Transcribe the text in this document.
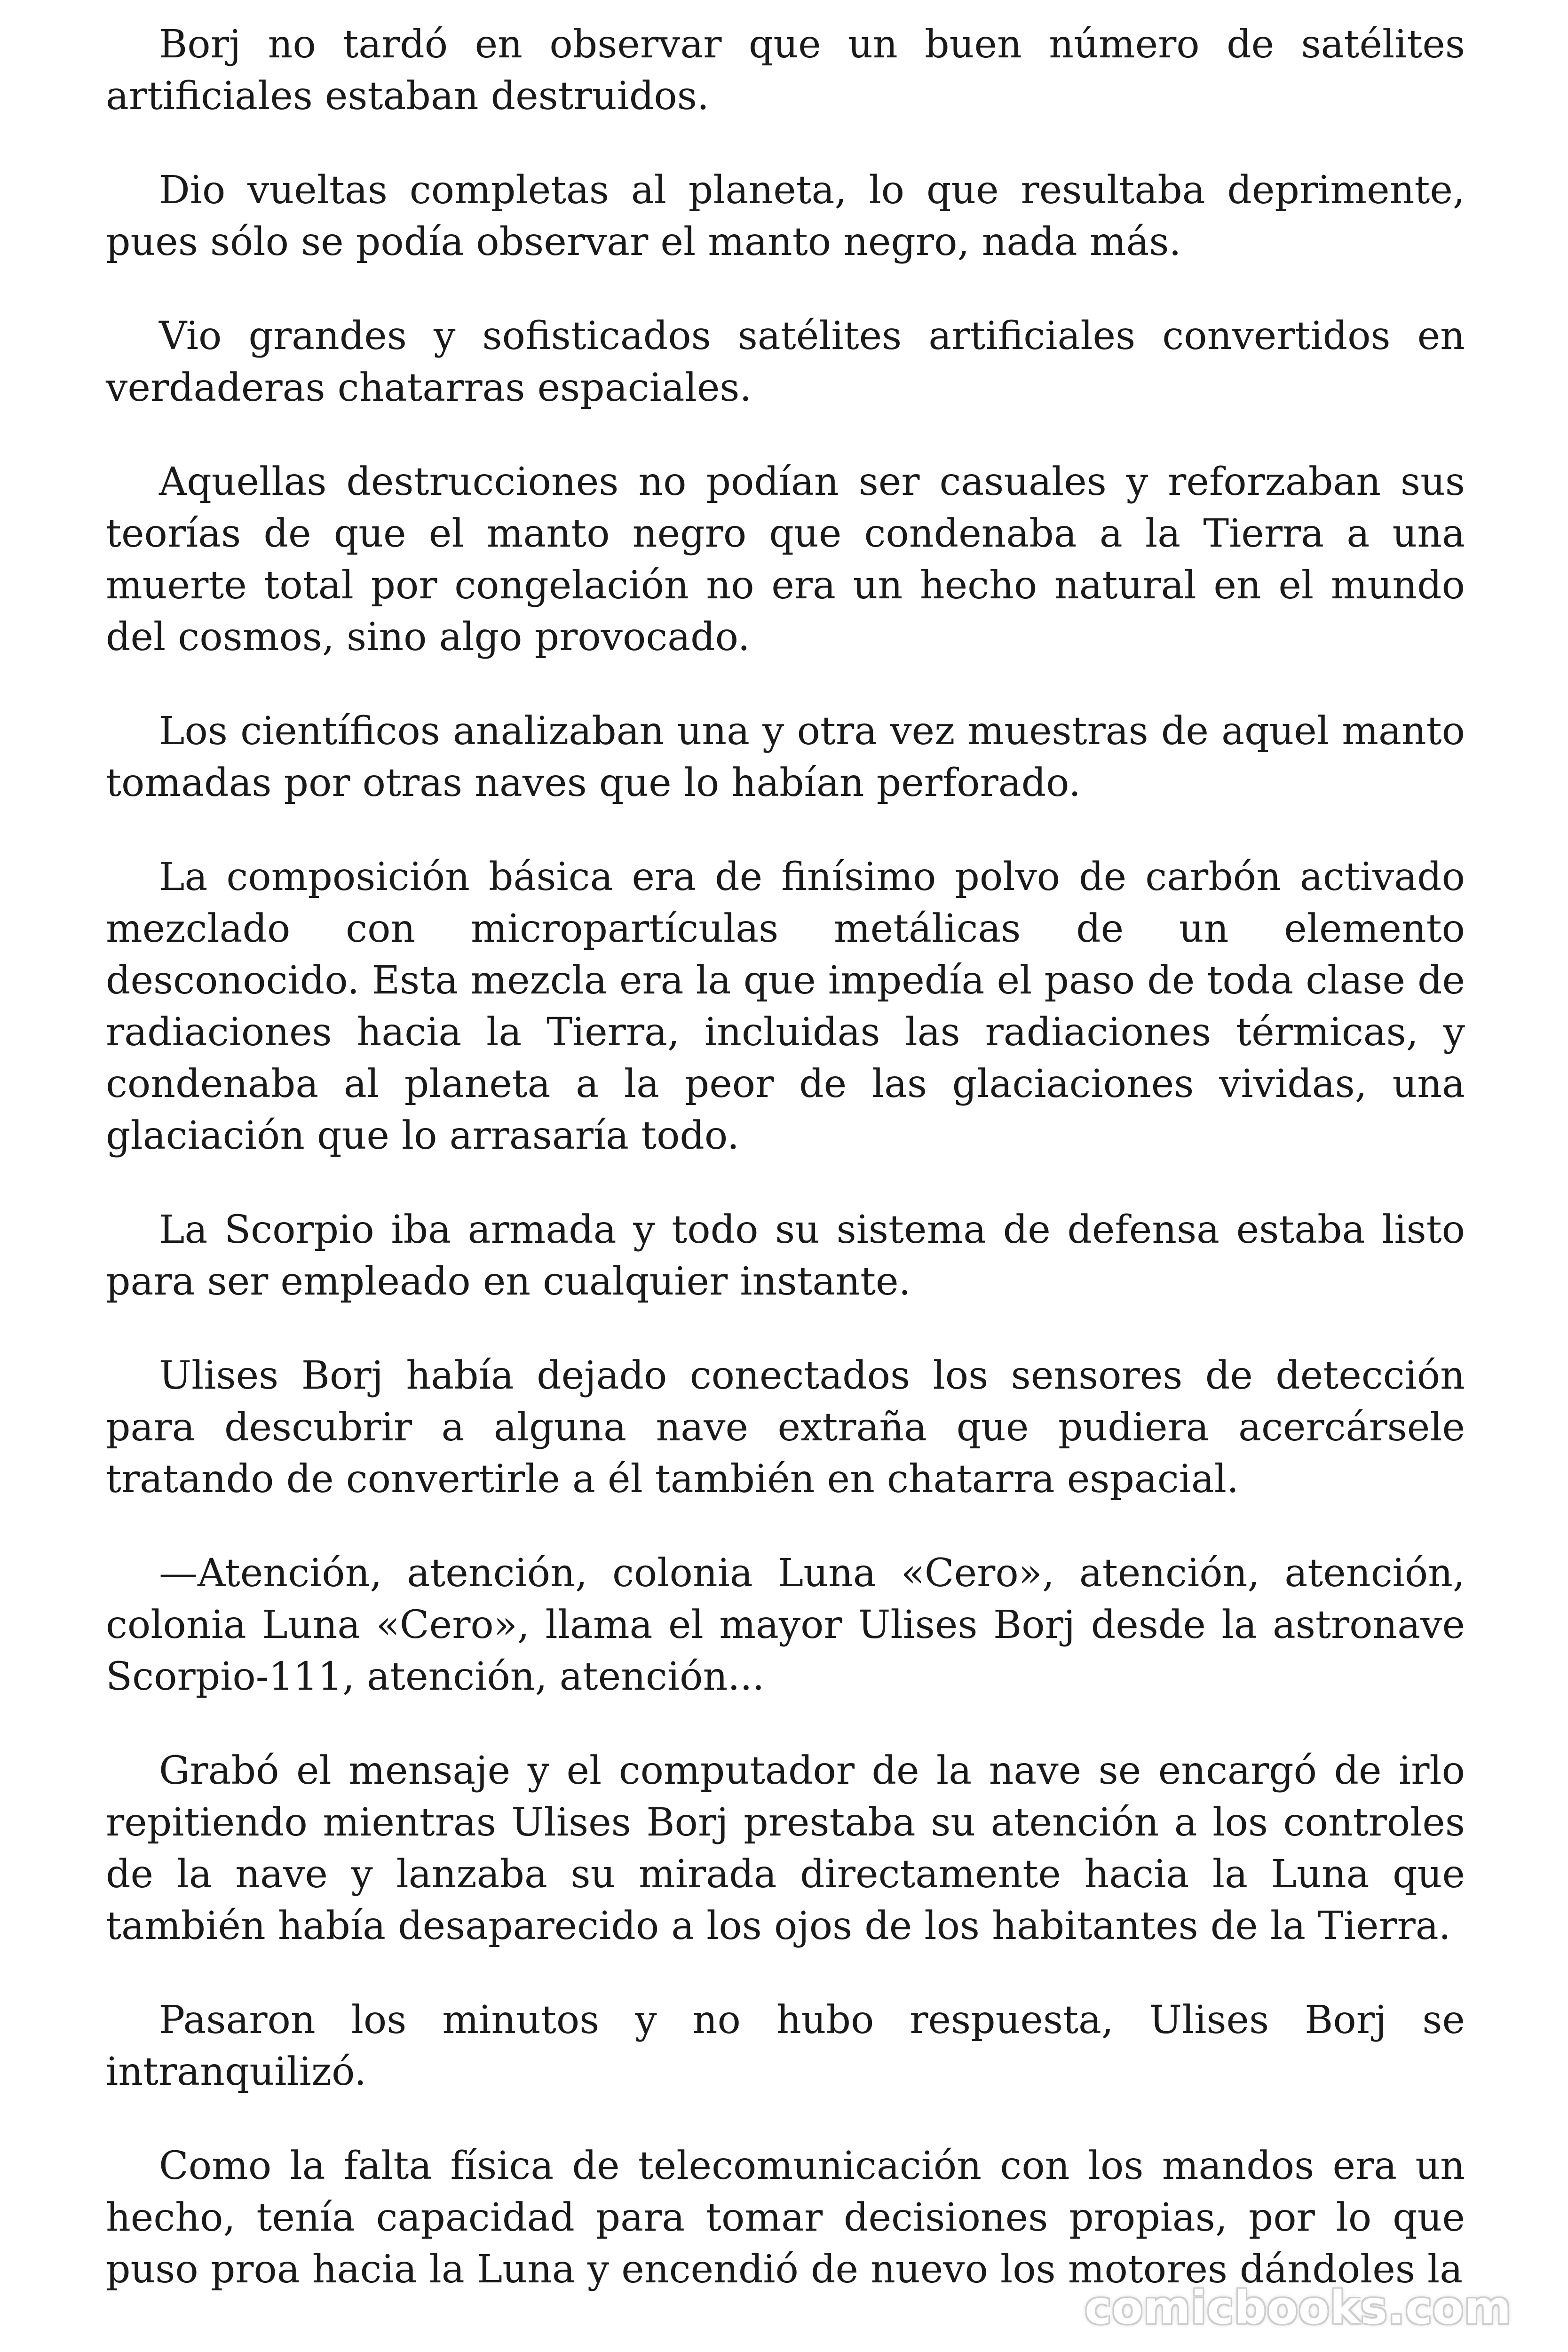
Borj no tardó en observar que un buen número de satélites artificiales estaban destruidos.

Dio vueltas completas al planeta, lo que resultaba deprimente, pues sólo se podía observar el manto negro, nada más.

Vio grandes y sofisticados satélites artificiales convertidos en verdaderas chatarras espaciales.

Aquellas destrucciones no podían ser casuales y reforzaban sus teorías de que el manto negro que condenaba a la Tierra a una muerte total por congelación no era un hecho natural en el mundo del cosmos, sino algo provocado.

Los científicos analizaban una y otra vez muestras de aquel manto tomadas por otras naves que lo habían perforado.

La composición básica era de finísimo polvo de carbón activado mezclado con micropartículas metálicas de un elemento desconocido. Esta mezcla era la que impedía el paso de toda clase de radiaciones hacia la Tierra, incluidas las radiaciones térmicas, y condenaba al planeta a la peor de las glaciaciones vividas, una glaciación que lo arrasaría todo.

La Scorpio iba armada y todo su sistema de defensa estaba listo para ser empleado en cualquier instante.

Ulises Borj había dejado conectados los sensores de detección para descubrir a alguna nave extraña que pudiera acercársele tratando de convertirle a él también en chatarra espacial.

—Atención, atención, colonia Luna «Cero», atención, atención, colonia Luna «Cero», llama el mayor Ulises Borj desde la astronave Scorpio-111, atención, atención...

Grabó el mensaje y el computador de la nave se encargó de irlo repitiendo mientras Ulises Borj prestaba su atención a los controles de la nave y lanzaba su mirada directamente hacia la Luna que también había desaparecido a los ojos de los habitantes de la Tierra.

Pasaron los minutos y no hubo respuesta, Ulises Borj se intranquilizó.

Como la falta física de telecomunicación con los mandos era un hecho, tenía capacidad para tomar decisiones propias, por lo que puso proa hacia la Luna y encendió de nuevo los motores dándoles la

comicbooks.com
